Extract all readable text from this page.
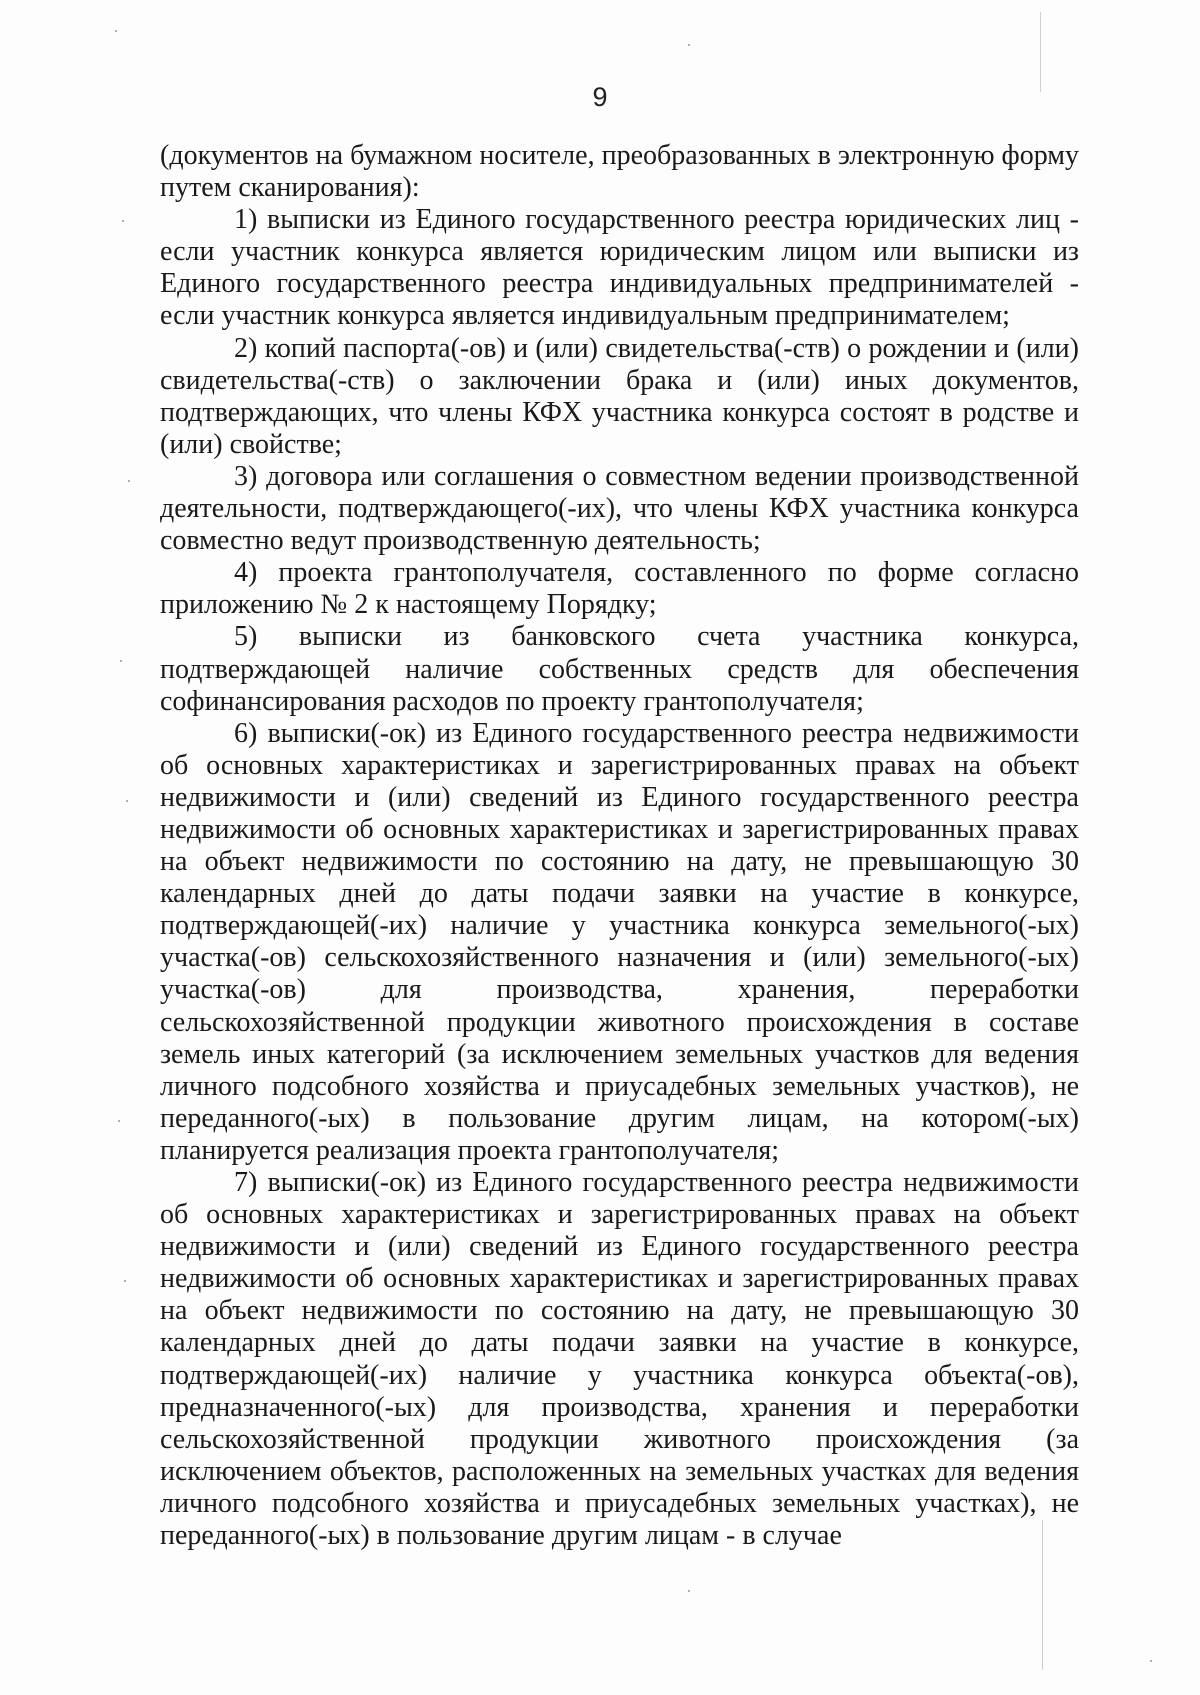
9

(документов на бумажном носителе, преобразованных в электронную форму путем сканирования):

1) выписки из Единого государственного реестра юридических лиц - если участник конкурса является юридическим лицом или выписки из Единого государственного реестра индивидуальных предпринимателей - если участник конкурса является индивидуальным предпринимателем;

2) копий паспорта(-ов) и (или) свидетельства(-ств) о рождении и (или) свидетельства(-ств) о заключении брака и (или) иных документов, подтверждающих, что члены КФХ участника конкурса состоят в родстве и (или) свойстве;

3) договора или соглашения о совместном ведении производственной деятельности, подтверждающего(-их), что члены КФХ участника конкурса совместно ведут производственную деятельность;

4) проекта грантополучателя, составленного по форме согласно приложению № 2 к настоящему Порядку;

5) выписки из банковского счета участника конкурса, подтверждающей наличие собственных средств для обеспечения софинансирования расходов по проекту грантополучателя;

6) выписки(-ок) из Единого государственного реестра недвижимости об основных характеристиках и зарегистрированных правах на объект недвижимости и (или) сведений из Единого государственного реестра недвижимости об основных характеристиках и зарегистрированных правах на объект недвижимости по состоянию на дату, не превышающую 30 календарных дней до даты подачи заявки на участие в конкурсе, подтверждающей(-их) наличие у участника конкурса земельного(-ых) участка(-ов) сельскохозяйственного назначения и (или) земельного(-ых) участка(-ов) для производства, хранения, переработки сельскохозяйственной продукции животного происхождения в составе земель иных категорий (за исключением земельных участков для ведения личного подсобного хозяйства и приусадебных земельных участков), не переданного(-ых) в пользование другим лицам, на котором(-ых) планируется реализация проекта грантополучателя;

7) выписки(-ок) из Единого государственного реестра недвижимости об основных характеристиках и зарегистрированных правах на объект недвижимости и (или) сведений из Единого государственного реестра недвижимости об основных характеристиках и зарегистрированных правах на объект недвижимости по состоянию на дату, не превышающую 30 календарных дней до даты подачи заявки на участие в конкурсе, подтверждающей(-их) наличие у участника конкурса объекта(-ов), предназначенного(-ых) для производства, хранения и переработки сельскохозяйственной продукции животного происхождения (за исключением объектов, расположенных на земельных участках для ведения личного подсобного хозяйства и приусадебных земельных участках), не переданного(-ых) в пользование другим лицам - в случае
